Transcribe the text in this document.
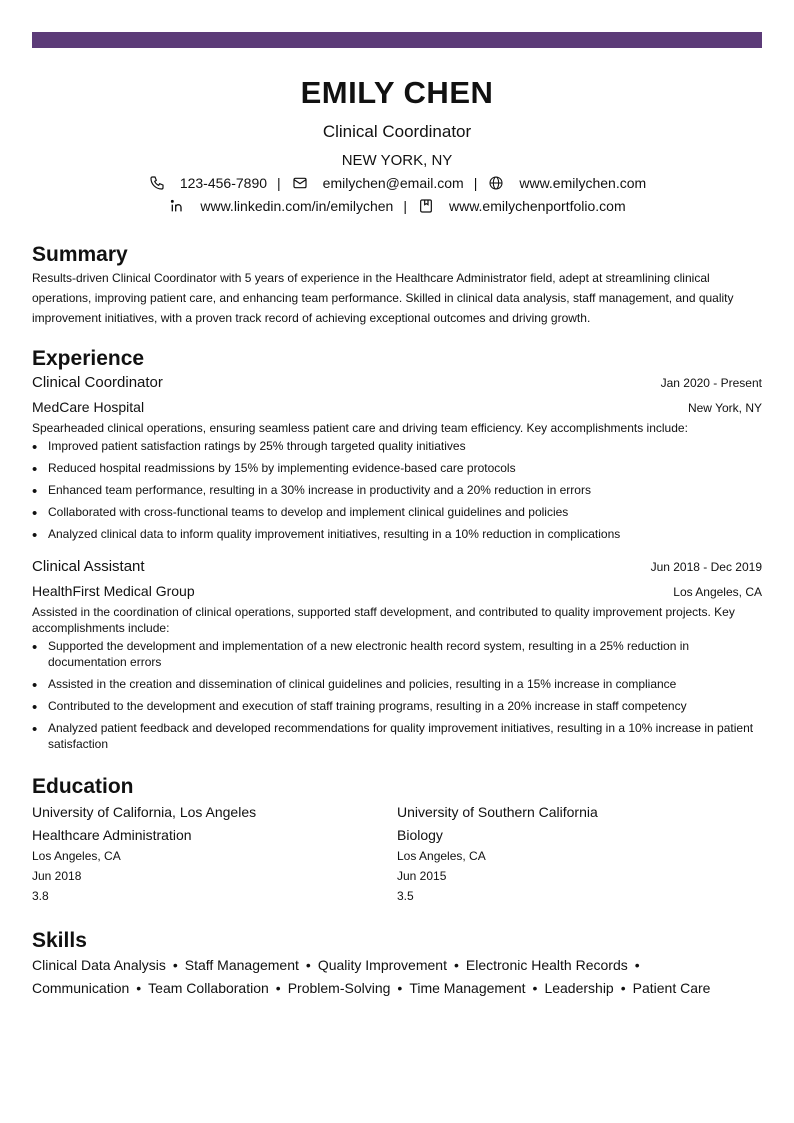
EMILY CHEN
Clinical Coordinator
NEW YORK, NY
123-456-7890 |	emilychen@email.com |	www.emilychen.com
www.linkedin.com/in/emilychen |	www.emilychenportfolio.com
Summary
Results-driven Clinical Coordinator with 5 years of experience in the Healthcare Administrator field, adept at streamlining clinical operations, improving patient care, and enhancing team performance. Skilled in clinical data analysis, staff management, and quality improvement initiatives, with a proven track record of achieving exceptional outcomes and driving growth.
Experience
Clinical Coordinator	Jan 2020 - Present
MedCare Hospital	New York, NY
Spearheaded clinical operations, ensuring seamless patient care and driving team efficiency. Key accomplishments include:
• Improved patient satisfaction ratings by 25% through targeted quality initiatives
• Reduced hospital readmissions by 15% by implementing evidence-based care protocols
• Enhanced team performance, resulting in a 30% increase in productivity and a 20% reduction in errors
• Collaborated with cross-functional teams to develop and implement clinical guidelines and policies
• Analyzed clinical data to inform quality improvement initiatives, resulting in a 10% reduction in complications
Clinical Assistant	Jun 2018 - Dec 2019
HealthFirst Medical Group	Los Angeles, CA
Assisted in the coordination of clinical operations, supported staff development, and contributed to quality improvement projects. Key accomplishments include:
• Supported the development and implementation of a new electronic health record system, resulting in a 25% reduction in documentation errors
• Assisted in the creation and dissemination of clinical guidelines and policies, resulting in a 15% increase in compliance
• Contributed to the development and execution of staff training programs, resulting in a 20% increase in staff competency
• Analyzed patient feedback and developed recommendations for quality improvement initiatives, resulting in a 10% increase in patient satisfaction
Education
University of California, Los Angeles
Healthcare Administration
Los Angeles, CA
Jun 2018
3.8
University of Southern California
Biology
Los Angeles, CA
Jun 2015
3.5
Skills
Clinical Data Analysis • Staff Management • Quality Improvement • Electronic Health Records •
Communication • Team Collaboration • Problem-Solving • Time Management • Leadership • Patient Care
